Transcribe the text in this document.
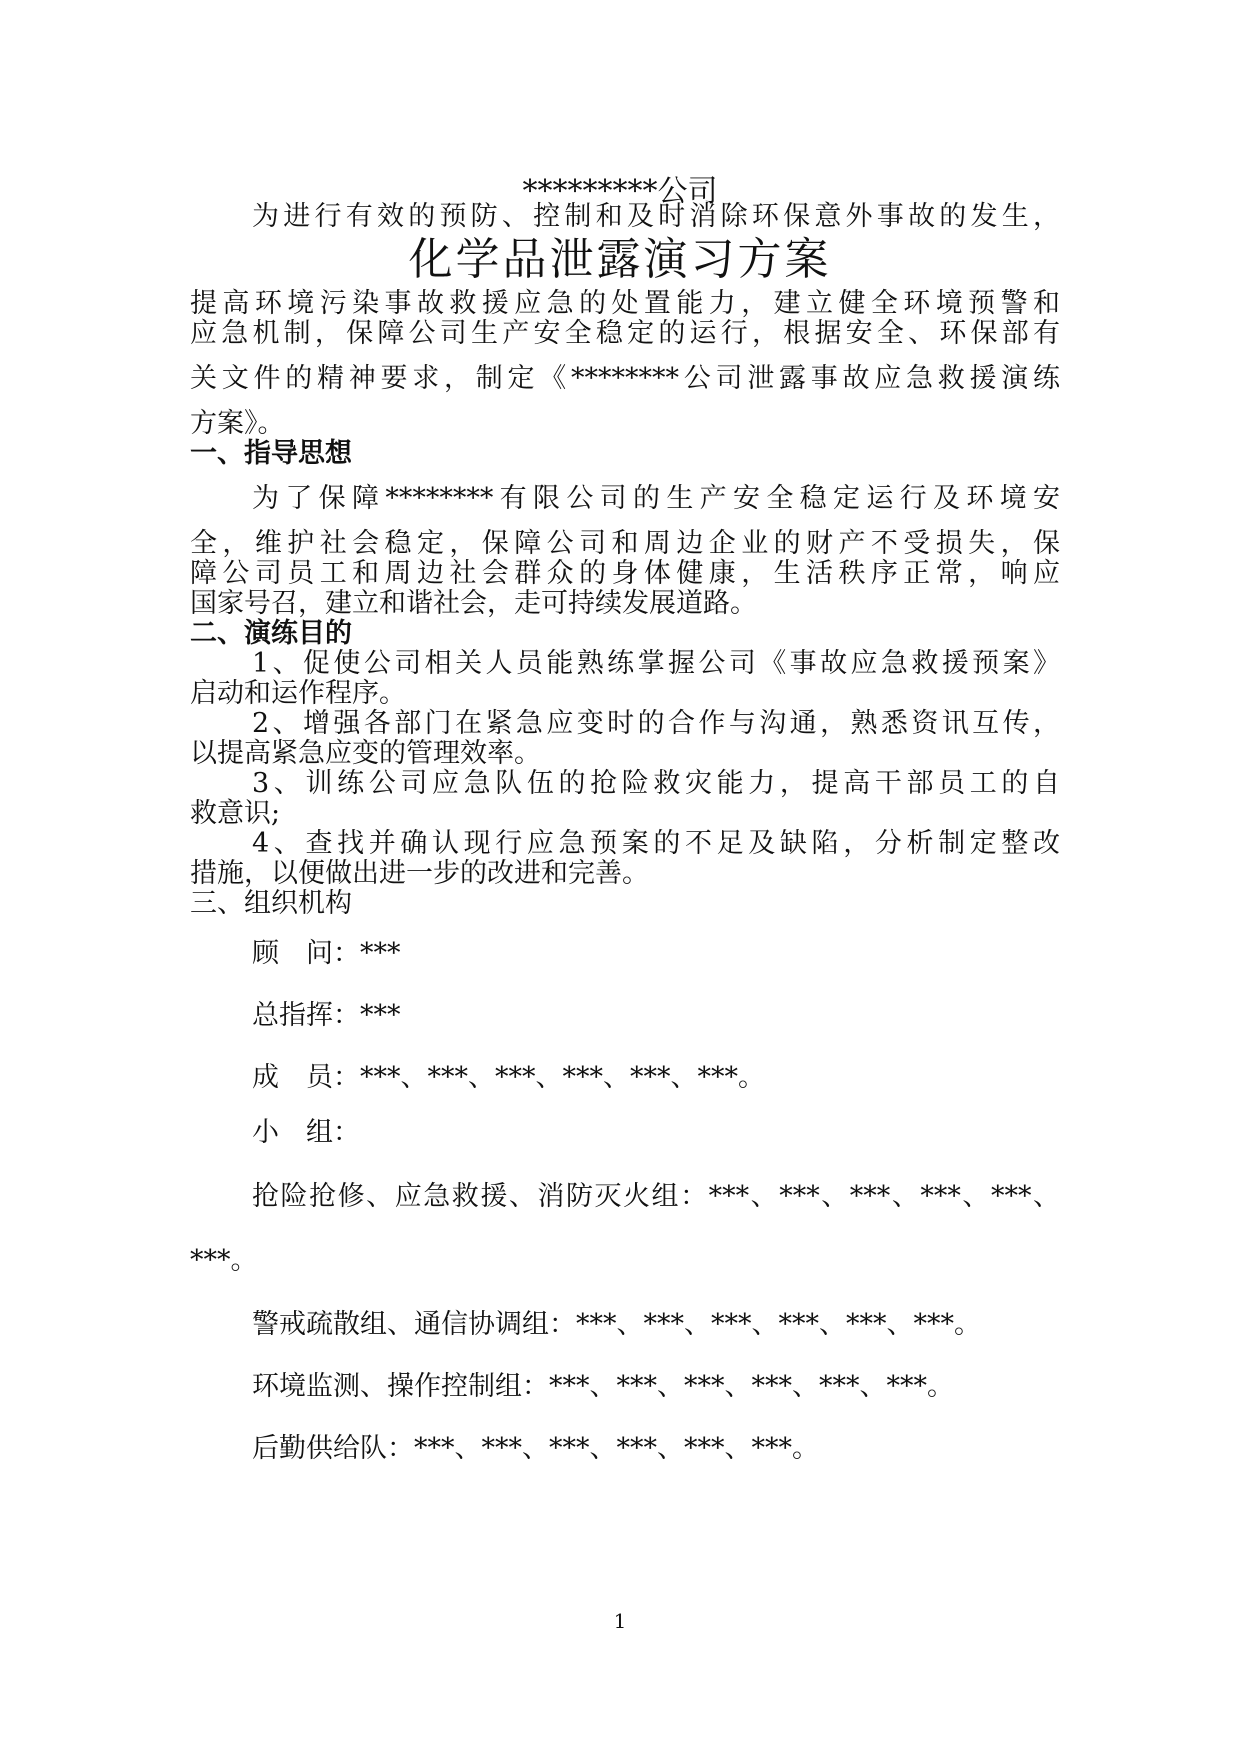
*********公司
化学品泄露演习方案
为进行有效的预防、控制和及时消除环保意外事故的发生，
提高环境污染事故救援应急的处置能力，建立健全环境预警和
应急机制，保障公司生产安全稳定的运行，根据安全、环保部有
关文件的精神要求，制定《********公司泄露事故应急救援演练
方案》。
一、指导思想
为了保障********有限公司的生产安全稳定运行及环境安
全，维护社会稳定，保障公司和周边企业的财产不受损失，保
障公司员工和周边社会群众的身体健康，生活秩序正常，响应
国家号召，建立和谐社会，走可持续发展道路。
二、演练目的
1、促使公司相关人员能熟练掌握公司《事故应急救援预案》
启动和运作程序。
2、增强各部门在紧急应变时的合作与沟通，熟悉资讯互传，
以提高紧急应变的管理效率。
3、训练公司应急队伍的抢险救灾能力，提高干部员工的自
救意识;
4、查找并确认现行应急预案的不足及缺陷，分析制定整改
措施，以便做出进一步的改进和完善。
三、组织机构
顾　问：***
总指挥：***
成　员：***、***、***、***、***、***。
小　组：
抢险抢修、应急救援、消防灭火组：***、***、***、***、***、
***。
警戒疏散组、通信协调组：***、***、***、***、***、***。
环境监测、操作控制组：***、***、***、***、***、***。
后勤供给队：***、***、***、***、***、***。
1
